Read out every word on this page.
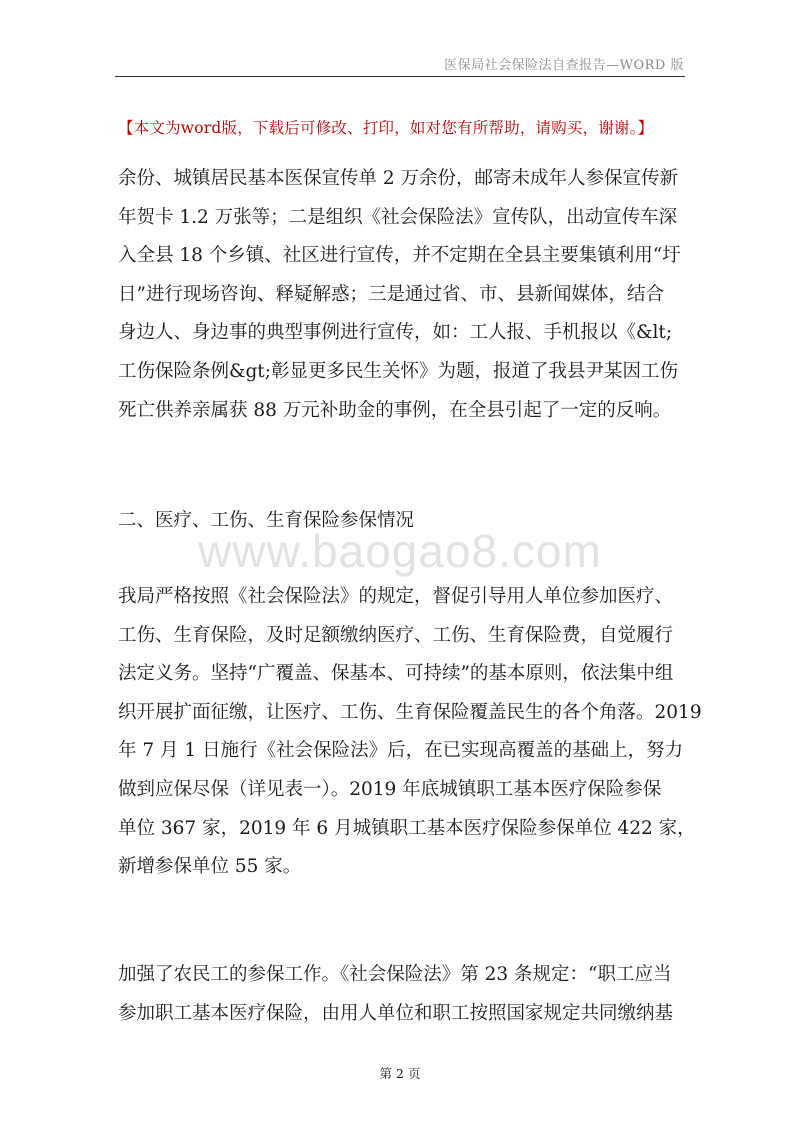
医保局社会保险法自查报告—WORD 版
【本文为word版，下载后可修改、打印，如对您有所帮助，请购买，谢谢。】
余份、城镇居民基本医保宣传单 2 万余份，邮寄未成年人参保宣传新
年贺卡 1.2 万张等；二是组织《社会保险法》宣传队，出动宣传车深
入全县 18 个乡镇、社区进行宣传，并不定期在全县主要集镇利用“圩
日”进行现场咨询、释疑解惑；三是通过省、市、县新闻媒体，结合
身边人、身边事的典型事例进行宣传，如：工人报、手机报以《&lt;
工伤保险条例&gt;彰显更多民生关怀》为题，报道了我县尹某因工伤
死亡供养亲属获 88 万元补助金的事例，在全县引起了一定的反响。
二、医疗、工伤、生育保险参保情况
www.baogao8.com
我局严格按照《社会保险法》的规定，督促引导用人单位参加医疗、
工伤、生育保险，及时足额缴纳医疗、工伤、生育保险费，自觉履行
法定义务。坚持“广覆盖、保基本、可持续”的基本原则，依法集中组
织开展扩面征缴，让医疗、工伤、生育保险覆盖民生的各个角落。2019
年 7 月 1 日施行《社会保险法》后，在已实现高覆盖的基础上，努力
做到应保尽保（详见表一）。2019 年底城镇职工基本医疗保险参保
单位 367 家，2019 年 6 月城镇职工基本医疗保险参保单位 422 家，
新增参保单位 55 家。
加强了农民工的参保工作。《社会保险法》第 23 条规定：“职工应当
参加职工基本医疗保险，由用人单位和职工按照国家规定共同缴纳基
第 2 页
